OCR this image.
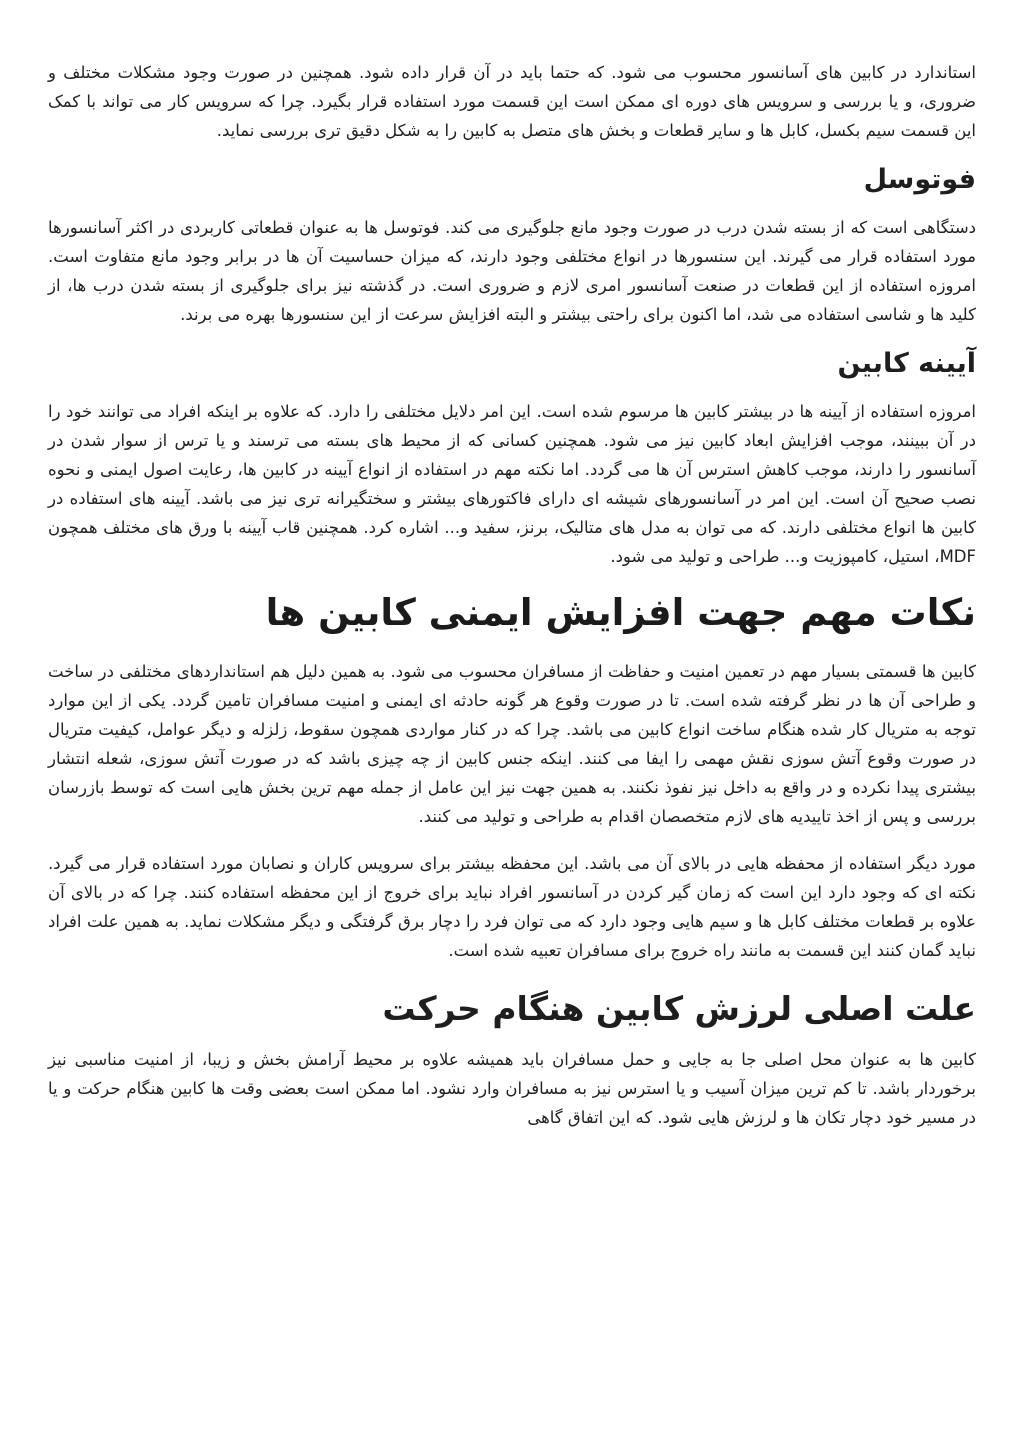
استاندارد در کابین های آسانسور محسوب می شود. که حتما باید در آن قرار داده شود. همچنین در صورت وجود مشکلات مختلف و ضروری، و یا بررسی و سرویس های دوره ای ممکن است این قسمت مورد استفاده قرار بگیرد. چرا که سرویس کار می تواند با کمک این قسمت سیم بکسل، کابل ها و سایر قطعات و بخش های متصل به کابین را به شکل دقیق تری بررسی نماید.

فوتوسل

دستگاهی است که از بسته شدن درب در صورت وجود مانع جلوگیری می کند. فوتوسل ها به عنوان قطعاتی کاربردی در اکثر آسانسورها مورد استفاده قرار می گیرند. این سنسورها در انواع مختلفی وجود دارند، که میزان حساسیت آن ها در برابر وجود مانع متفاوت است. امروزه استفاده از این قطعات در صنعت آسانسور امری لازم و ضروری است. در گذشته نیز برای جلوگیری از بسته شدن درب ها، از کلید ها و شاسی استفاده می شد، اما اکنون برای راحتی بیشتر و البته افزایش سرعت از این سنسورها بهره می برند.

آیینه کابین

امروزه استفاده از آیینه ها در بیشتر کابین ها مرسوم شده است. این امر دلایل مختلفی را دارد. که علاوه بر اینکه افراد می توانند خود را در آن ببینند، موجب افزایش ابعاد کابین نیز می شود. همچنین کسانی که از محیط های بسته می ترسند و یا ترس از سوار شدن در آسانسور را دارند، موجب کاهش استرس آن ها می گردد. اما نکته مهم در استفاده از انواع آیینه در کابین ها، رعایت اصول ایمنی و نحوه نصب صحیح آن است. این امر در آسانسورهای شیشه ای دارای فاکتورهای بیشتر و سختگیرانه تری نیز می باشد. آیینه های استفاده در کابین ها انواع مختلفی دارند. که می توان به مدل های متالیک، برنز، سفید و... اشاره کرد. همچنین قاب آیینه با ورق های مختلف همچون MDF، استیل، کامپوزیت و... طراحی و تولید می شود.

نکات مهم جهت افزایش ایمنی کابین ها

کابین ها قسمتی بسیار مهم در تعمین امنیت و حفاظت از مسافران محسوب می شود. به همین دلیل هم استانداردهای مختلفی در ساخت و طراحی آن ها در نظر گرفته شده است. تا در صورت وقوع هر گونه حادثه ای ایمنی و امنیت مسافران تامین گردد. یکی از این موارد توجه به متریال کار شده هنگام ساخت انواع کابین می باشد. چرا که در کنار مواردی همچون سقوط، زلزله و دیگر عوامل، کیفیت متریال در صورت وقوع آتش سوزی نقش مهمی را ایفا می کنند. اینکه جنس کابین از چه چیزی باشد که در صورت آتش سوزی، شعله انتشار بیشتری پیدا نکرده و در واقع به داخل نیز نفوذ نکنند. به همین جهت نیز این عامل از جمله مهم ترین بخش هایی است که توسط بازرسان بررسی و پس از اخذ تاییدیه های لازم متخصصان اقدام به طراحی و تولید می کنند.

مورد دیگر استفاده از محفظه هایی در بالای آن می باشد. این محفظه بیشتر برای سرویس کاران و نصابان مورد استفاده قرار می گیرد. نکته ای که وجود دارد این است که زمان گیر کردن در آسانسور افراد نباید برای خروج از این محفظه استفاده کنند. چرا که در بالای آن علاوه بر قطعات مختلف کابل ها و سیم هایی وجود دارد که می توان فرد را دچار برق گرفتگی و دیگر مشکلات نماید. به همین علت افراد نباید گمان کنند این قسمت به مانند راه خروج برای مسافران تعبیه شده است.

علت اصلی لرزش کابین هنگام حرکت

کابین ها به عنوان محل اصلی جا به جایی و حمل مسافران باید همیشه علاوه بر محیط آرامش بخش و زیبا، از امنیت مناسبی نیز برخوردار باشد. تا کم ترین میزان آسیب و یا استرس نیز به مسافران وارد نشود. اما ممکن است بعضی وقت ها کابین هنگام حرکت و یا در مسیر خود دچار تکان ها و لرزش هایی شود. که این اتفاق گاهی
